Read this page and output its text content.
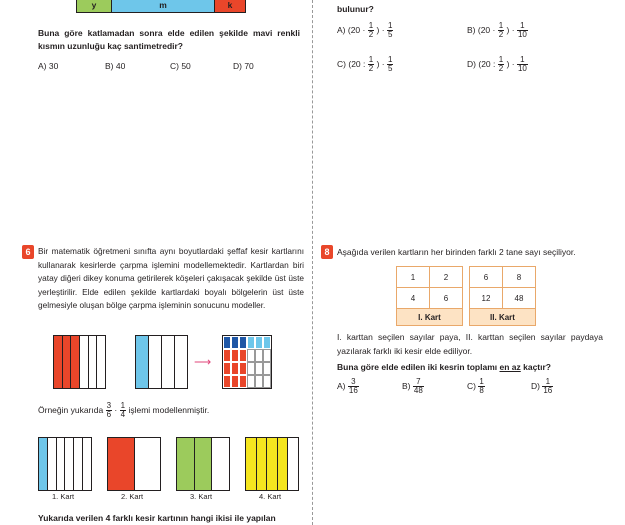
y	m	k
Buna göre katlamadan sonra elde edilen şekilde mavi renkli kısmın uzunluğu kaç santimetredir?
A) 30	B) 40	C) 50	D) 70
bulunur?
A) ($20 \cdot \frac{1}{2}$ ) · $\frac{1}{5}$	B) ($20 \cdot \frac{1}{2}$ ) · $\frac{1}{10}$
C) (20 : $\frac{1}{2}$ ) · $\frac{1}{5}$	D) (20 : $\frac{1}{2}$ ) · $\frac{1}{10}$
6 Bir matematik öğretmeni sınıfta aynı boyutlardaki şeffaf kesir kartlarını kullanarak kesirlerde çarpma işlemini modellemektedir. Kartlardan biri yatay diğeri dikey konuma getirilerek köşeleri çakışacak şekilde üst üste yerleştirilir. Elde edilen şekilde kartlardaki boyalı bölgelerin üst üste gelmesiyle oluşan bölge çarpma işleminin sonucunu modeller.
⟶
Örneğin yukarıda $\frac{3}{6} \cdot \frac{1}{4}$ işlemi modellenmiştir.
1. Kart	2. Kart	3. Kart	4. Kart
Yukarıda verilen 4 farklı kesir kartının hangi ikisi ile yapılan
8 Aşağıda verilen kartların her birinden farklı 2 tane sayı seçiliyor.
1	2
4	6
I. Kart	
6	8
12	48
II. Kart	
I. karttan seçilen sayılar paya, II. karttan seçilen sayılar paydaya yazılarak farklı iki kesir elde ediliyor.
Buna göre elde edilen iki kesrin toplamı en az kaçtır?
$A) \frac{3}{16}$	$B) \frac{7}{48}$	$C) \frac{1}{8}$	$D) \frac{1}{16}$
